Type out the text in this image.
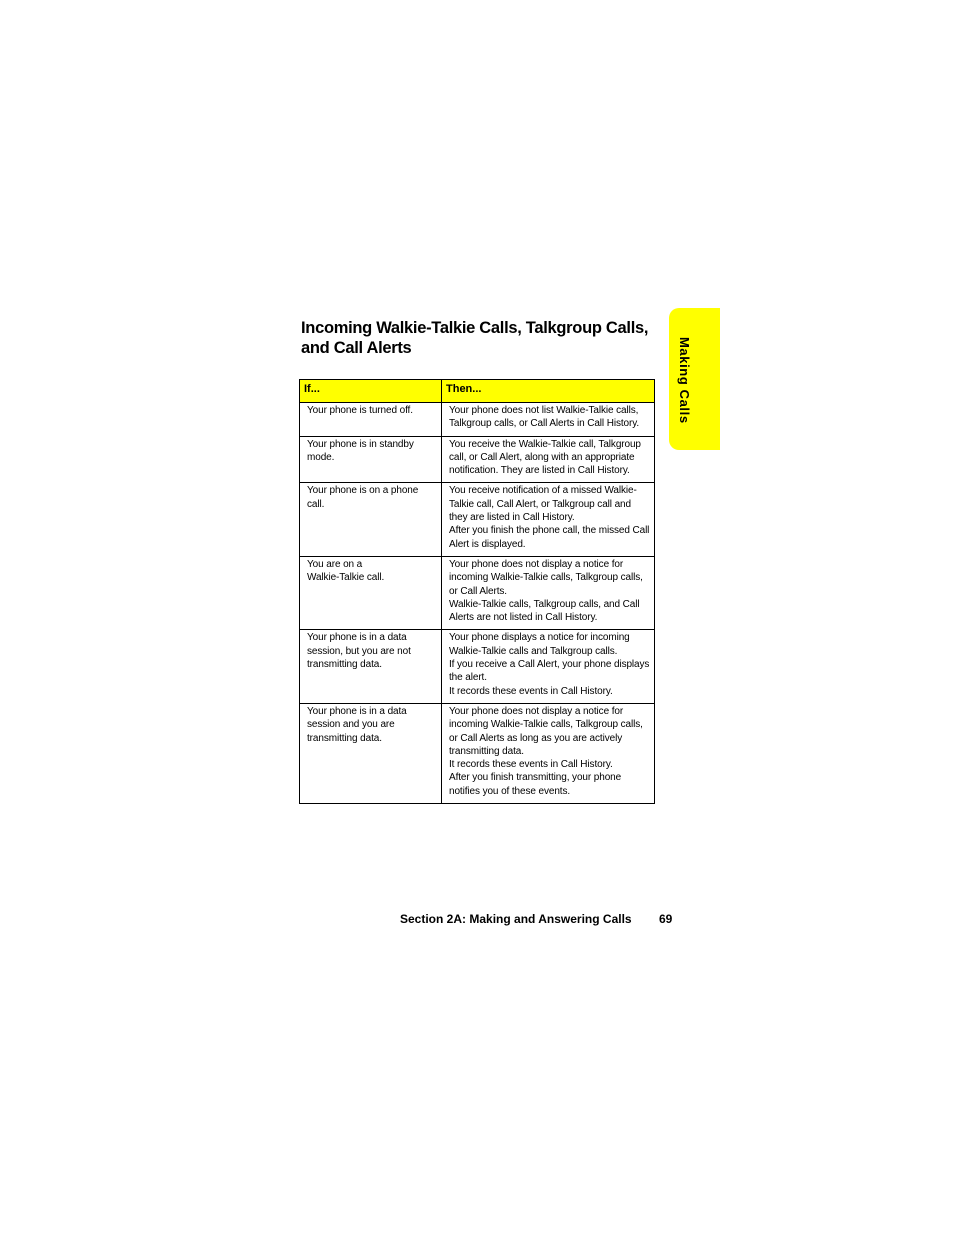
Incoming Walkie-Talkie Calls, Talkgroup Calls, and Call Alerts	Making Calls
If...	Then...
Your phone is turned off.	Your phone does not list Walkie-Talkie calls, Talkgroup calls, or Call Alerts in Call History.
Your phone is in standby mode.	You receive the Walkie-Talkie call, Talkgroup call, or Call Alert, along with an appropriate notification. They are listed in Call History.
Your phone is on a phone call.	You receive notification of a missed Walkie-Talkie call, Call Alert, or Talkgroup call and they are listed in Call History.
After you finish the phone call, the missed Call Alert is displayed.
You are on a
Walkie-Talkie call.	Your phone does not display a notice for incoming Walkie-Talkie calls, Talkgroup calls, or Call Alerts.
Walkie-Talkie calls, Talkgroup calls, and Call Alerts are not listed in Call History.
Your phone is in a data session, but you are not transmitting data.	Your phone displays a notice for incoming Walkie-Talkie calls and Talkgroup calls.
If you receive a Call Alert, your phone displays the alert.
It records these events in Call History.
Your phone is in a data session and you are transmitting data.	Your phone does not display a notice for incoming Walkie-Talkie calls, Talkgroup calls, or Call Alerts as long as you are actively transmitting data.
It records these events in Call History.
After you finish transmitting, your phone notifies you of these events.
Section 2A: Making and Answering Calls 69
